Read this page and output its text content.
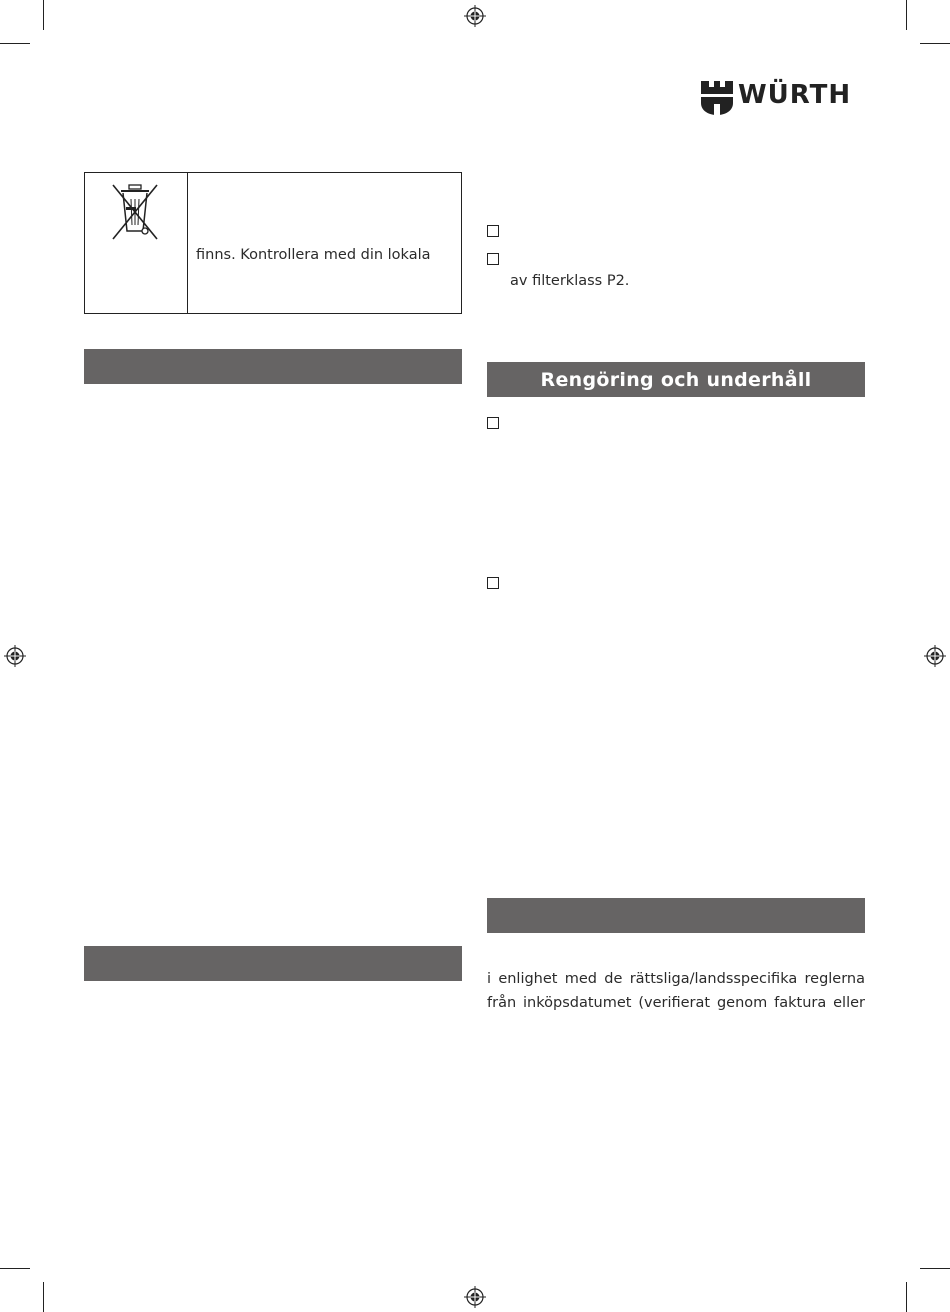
WÜRTH
finns. Kontrollera med din lokala
av filterklass P2.
Rengöring och underhåll
i enlighet med de rättsliga/landsspecifika reglerna
från inköpsdatumet (verifierat genom faktura eller
